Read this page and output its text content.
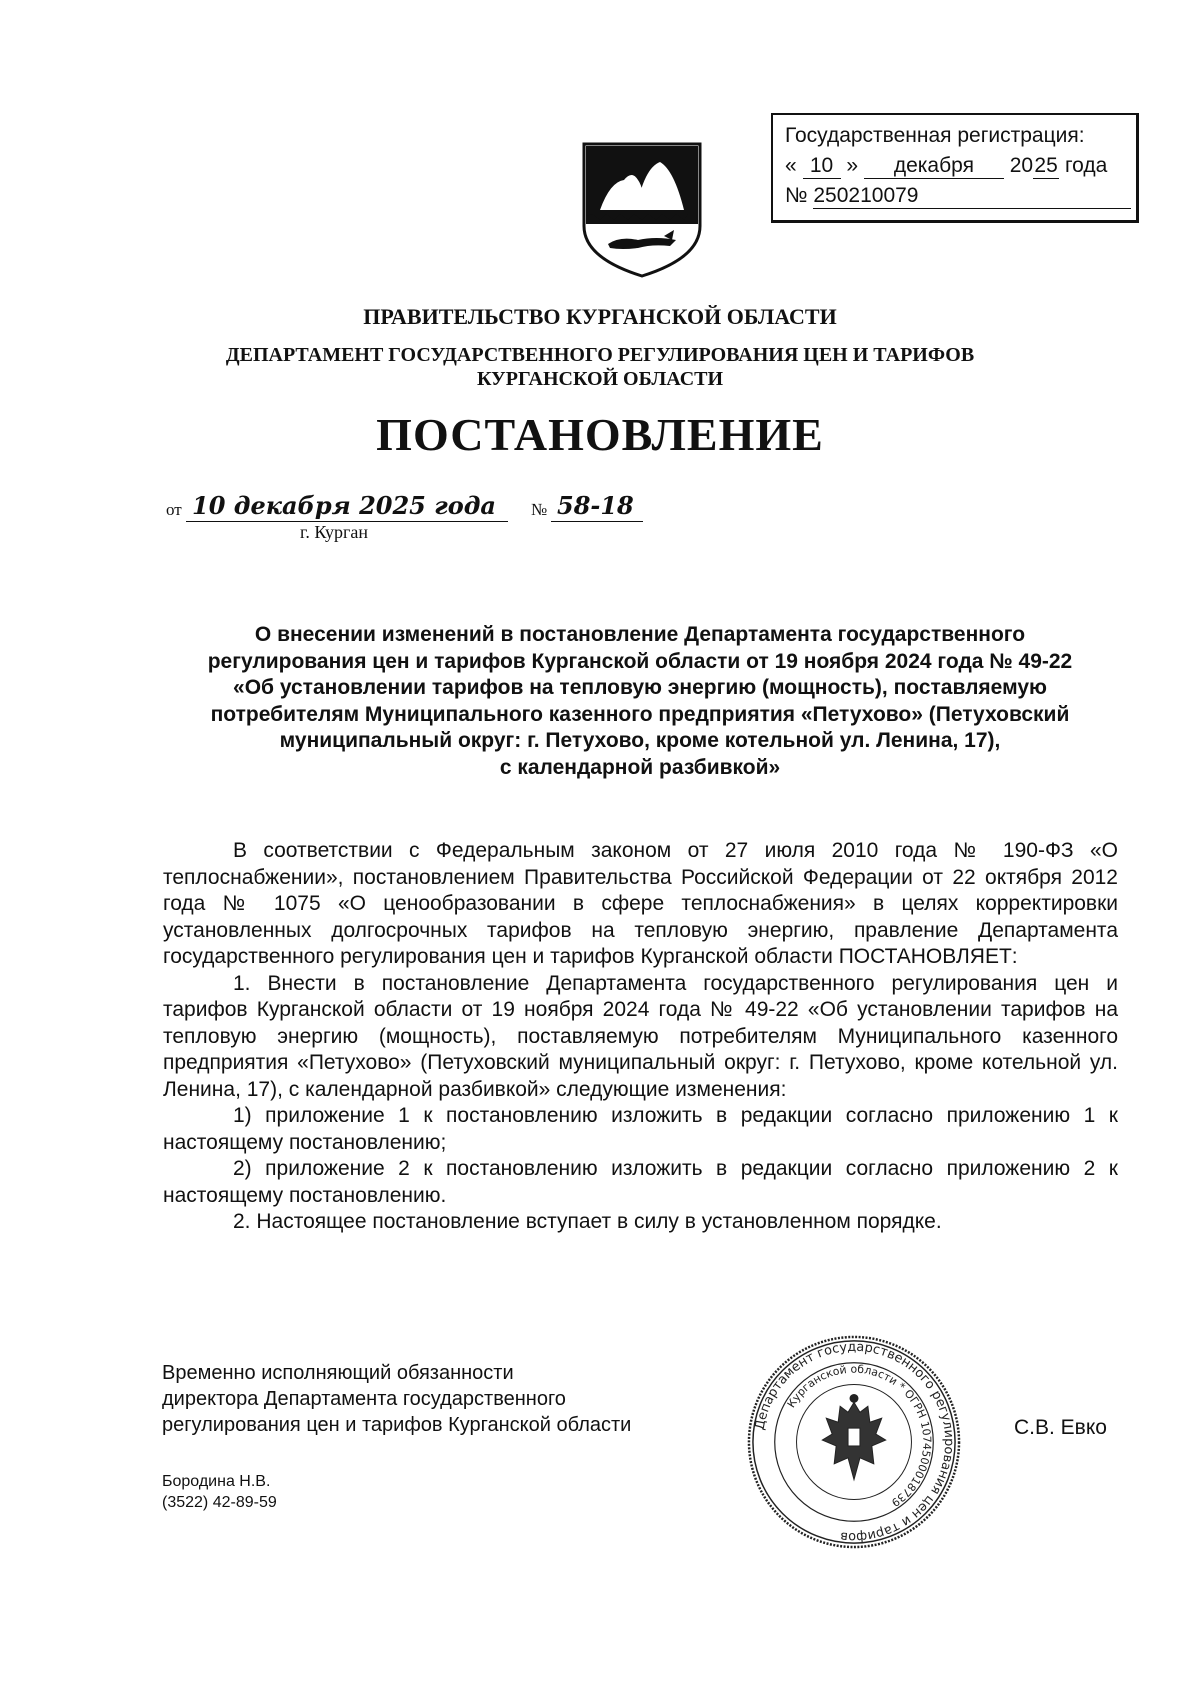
Государственная регистрация:
« 10 » декабря 2025 года
№ 250210079
ПРАВИТЕЛЬСТВО КУРГАНСКОЙ ОБЛАСТИ
ДЕПАРТАМЕНТ ГОСУДАРСТВЕННОГО РЕГУЛИРОВАНИЯ ЦЕН И ТАРИФОВ
КУРГАНСКОЙ ОБЛАСТИ
ПОСТАНОВЛЕНИЕ
от 10 декабря 2025 года	№ 58-18
г. Курган
О внесении изменений в постановление Департамента государственного
регулирования цен и тарифов Курганской области от 19 ноября 2024 года № 49-22
«Об установлении тарифов на тепловую энергию (мощность), поставляемую
потребителям Муниципального казенного предприятия «Петухово» (Петуховский
муниципальный округ: г. Петухово, кроме котельной ул. Ленина, 17),
с календарной разбивкой»

В соответствии с Федеральным законом от 27 июля 2010 года № 190-ФЗ «О теплоснабжении», постановлением Правительства Российской Федерации от 22 октября 2012 года № 1075 «О ценообразовании в сфере теплоснабжения» в целях корректировки установленных долгосрочных тарифов на тепловую энергию, правление Департамента государственного регулирования цен и тарифов Курганской области ПОСТАНОВЛЯЕТ:

1. Внести в постановление Департамента государственного регулирования цен и тарифов Курганской области от 19 ноября 2024 года № 49-22 «Об установлении тарифов на тепловую энергию (мощность), поставляемую потребителям Муниципального казенного предприятия «Петухово» (Петуховский муниципальный округ: г. Петухово, кроме котельной ул. Ленина, 17), с календарной разбивкой» следующие изменения:

1) приложение 1 к постановлению изложить в редакции согласно приложению 1 к настоящему постановлению;

2) приложение 2 к постановлению изложить в редакции согласно приложению 2 к настоящему постановлению.

2. Настоящее постановление вступает в силу в установленном порядке.

Временно исполняющий обязанности
директора Департамента государственного
регулирования цен и тарифов Курганской области	С.В. Евко
Департамент государственного регулирования цен и тарифов
Курганской области * ОГРН 1074500018739
Бородина Н.В.
(3522) 42-89-59
